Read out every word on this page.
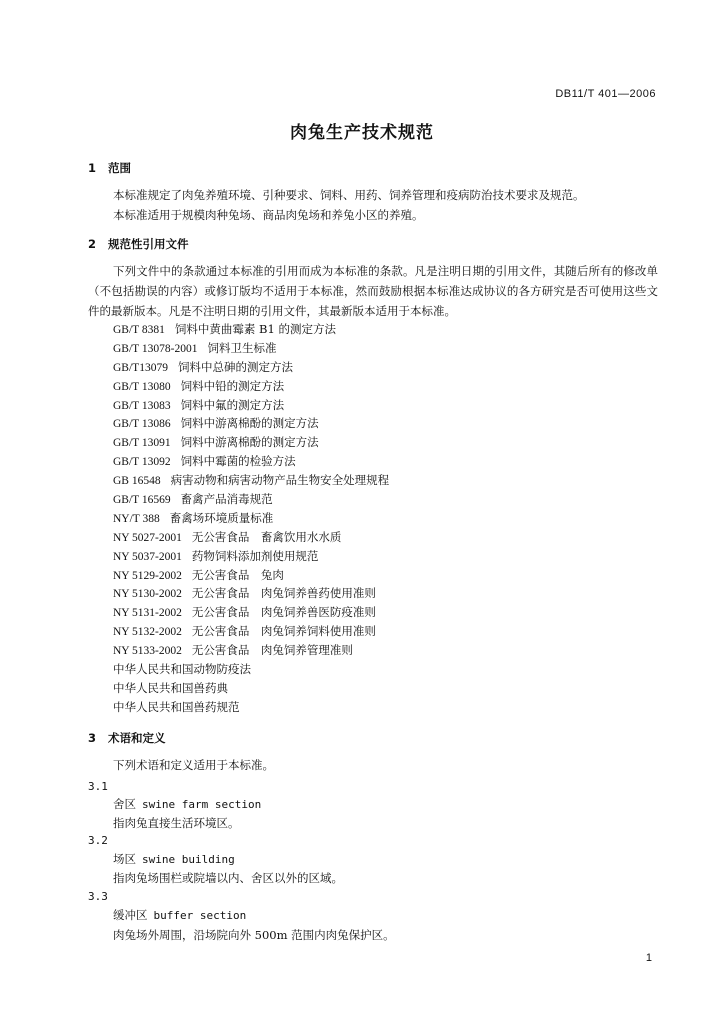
DB11/T 401—2006
肉兔生产技术规范
1 范围
本标准规定了肉兔养殖环境、引种要求、饲料、用药、饲养管理和疫病防治技术要求及规范。
本标准适用于规模肉种兔场、商品肉兔场和养兔小区的养殖。
2 规范性引用文件
下列文件中的条款通过本标准的引用而成为本标准的条款。凡是注明日期的引用文件，其随后所有的修改单（不包括勘误的内容）或修订版均不适用于本标准，然而鼓励根据本标准达成协议的各方研究是否可使用这些文件的最新版本。凡是不注明日期的引用文件，其最新版本适用于本标准。
GB/T 8381 饲料中黄曲霉素 B1 的测定方法
GB/T 13078-2001 饲料卫生标准
GB/T13079 饲料中总砷的测定方法
GB/T 13080 饲料中铅的测定方法
GB/T 13083 饲料中氟的测定方法
GB/T 13086 饲料中游离棉酚的测定方法
GB/T 13091 饲料中游离棉酚的测定方法
GB/T 13092 饲料中霉菌的检验方法
GB 16548 病害动物和病害动物产品生物安全处理规程
GB/T 16569 畜禽产品消毒规范
NY/T 388 畜禽场环境质量标准
NY 5027-2001 无公害食品　畜禽饮用水水质
NY 5037-2001 药物饲料添加剂使用规范
NY 5129-2002 无公害食品　兔肉
NY 5130-2002 无公害食品　肉兔饲养兽药使用准则
NY 5131-2002 无公害食品　肉兔饲养兽医防疫准则
NY 5132-2002 无公害食品　肉兔饲养饲料使用准则
NY 5133-2002 无公害食品　肉兔饲养管理准则
中华人民共和国动物防疫法
中华人民共和国兽药典
中华人民共和国兽药规范
3 术语和定义
下列术语和定义适用于本标准。
3.1
舍区 swine farm section
指肉兔直接生活环境区。
3.2
场区 swine building
指肉兔场围栏或院墙以内、舍区以外的区域。
3.3
缓冲区 buffer section
肉兔场外周围，沿场院向外 500m 范围内肉兔保护区。
1
